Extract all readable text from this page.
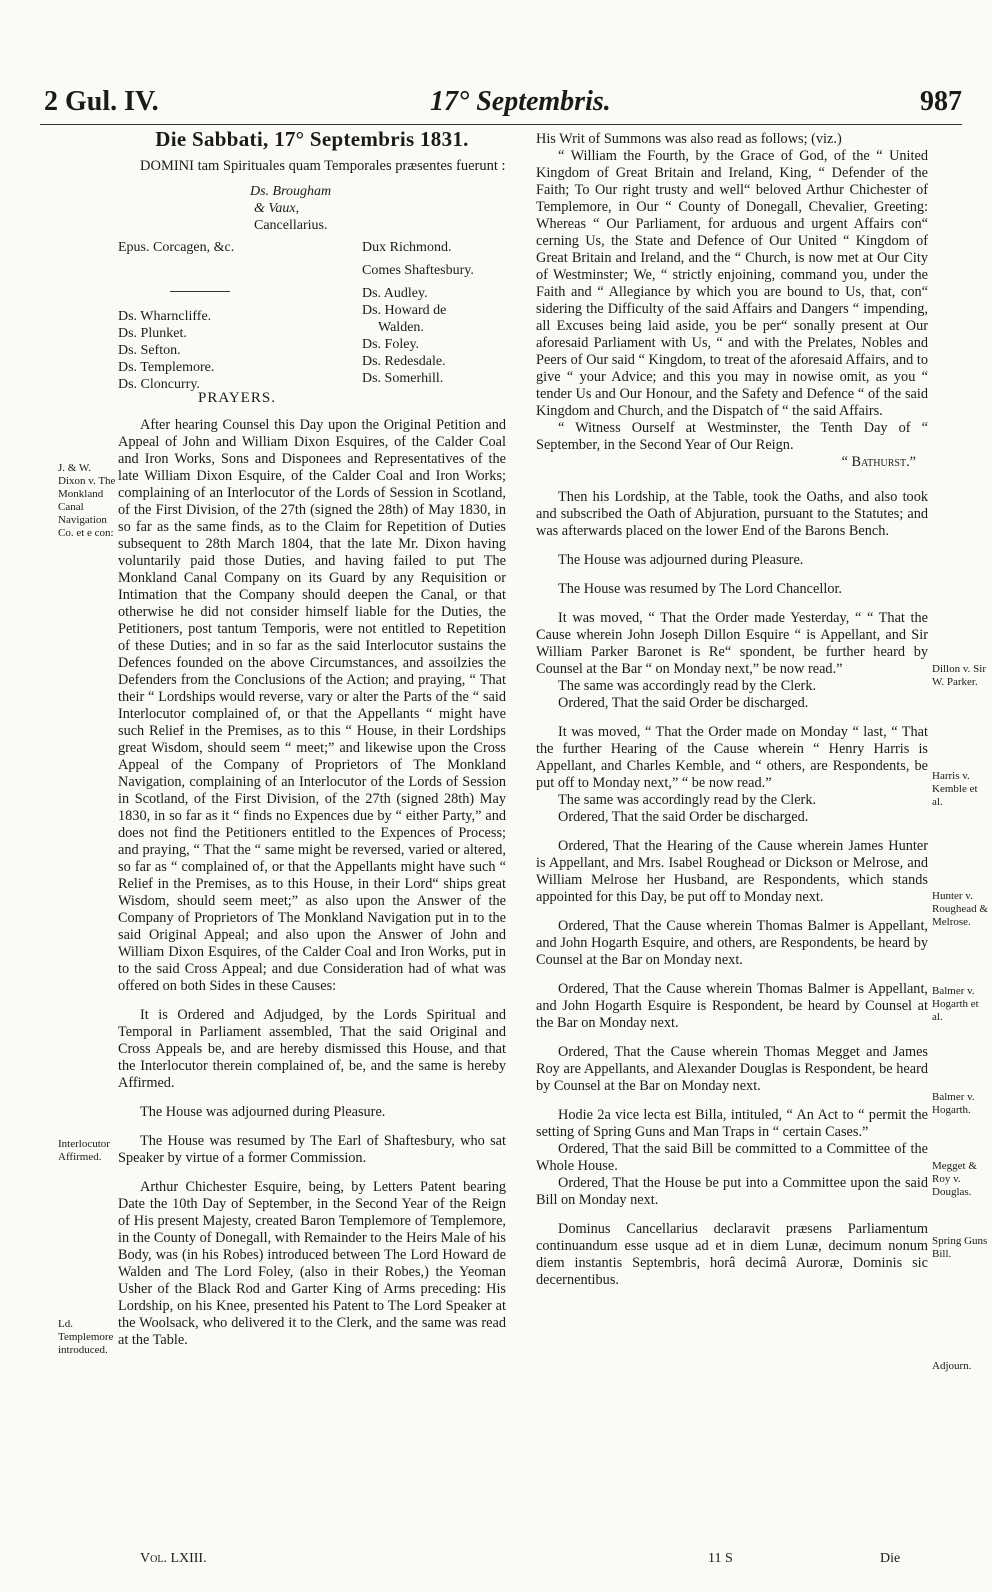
2 Gul. IV.	17° Septembris.	987
Die Sabbati, 17° Septembris 1831.

DOMINI tam Spirituales quam Temporales præsentes fuerunt :

Ds. Brougham
& Vaux,
Cancellarius.
Epus. Corcagen, &c.	Dux Richmond.
Comes Shaftesbury.
Ds. Audley.
Ds. Howard de
Walden.
Ds. Foley.
Ds. Redesdale.
Ds. Somerhill.
Ds. Wharncliffe.
Ds. Plunket.
Ds. Sefton.
Ds. Templemore.
Ds. Cloncurry.
PRAYERS.

After hearing Counsel this Day upon the Original Petition and Appeal of John and William Dixon Esquires, of the Calder Coal and Iron Works, Sons and Disponees and Representatives of the late William Dixon Esquire, of the Calder Coal and Iron Works; complaining of an Interlocutor of the Lords of Session in Scotland, of the First Division, of the 27th (signed the 28th) of May 1830, in so far as the same finds, as to the Claim for Repetition of Duties subsequent to 28th March 1804, that the late Mr. Dixon having voluntarily paid those Duties, and having failed to put The Monkland Canal Company on its Guard by any Requisition or Intimation that the Company should deepen the Canal, or that otherwise he did not consider himself liable for the Duties, the Petitioners, post tantum Temporis, were not entitled to Repetition of these Duties; and in so far as the said Interlocutor sustains the Defences founded on the above Circumstances, and assoilzies the Defenders from the Conclusions of the Action; and praying, “ That their “ Lordships would reverse, vary or alter the Parts of the “ said Interlocutor complained of, or that the Appellants “ might have such Relief in the Premises, as to this “ House, in their Lordships great Wisdom, should seem “ meet;” and likewise upon the Cross Appeal of the Company of Proprietors of The Monkland Navigation, complaining of an Interlocutor of the Lords of Session in Scotland, of the First Division, of the 27th (signed 28th) May 1830, in so far as it “ finds no Expences due by “ either Party,” and does not find the Petitioners entitled to the Expences of Process; and praying, “ That the “ same might be reversed, varied or altered, so far as “ complained of, or that the Appellants might have such “ Relief in the Premises, as to this House, in their Lord“ ships great Wisdom, should seem meet;” as also upon the Answer of the Company of Proprietors of The Monkland Navigation put in to the said Original Appeal; and also upon the Answer of John and William Dixon Esquires, of the Calder Coal and Iron Works, put in to the said Cross Appeal; and due Consideration had of what was offered on both Sides in these Causes:

It is Ordered and Adjudged, by the Lords Spiritual and Temporal in Parliament assembled, That the said Original and Cross Appeals be, and are hereby dismissed this House, and that the Interlocutor therein complained of, be, and the same is hereby Affirmed.

The House was adjourned during Pleasure.

The House was resumed by The Earl of Shaftesbury, who sat Speaker by virtue of a former Commission.

Arthur Chichester Esquire, being, by Letters Patent bearing Date the 10th Day of September, in the Second Year of the Reign of His present Majesty, created Baron Templemore of Templemore, in the County of Donegall, with Remainder to the Heirs Male of his Body, was (in his Robes) introduced between The Lord Howard de Walden and The Lord Foley, (also in their Robes,) the Yeoman Usher of the Black Rod and Garter King of Arms preceding: His Lordship, on his Knee, presented his Patent to The Lord Speaker at the Woolsack, who delivered it to the Clerk, and the same was read at the Table.

J. & W. Dixon v. The Monkland Canal Navigation Co. et e con:
Interlocutor Affirmed.
Ld. Templemore introduced.

His Writ of Summons was also read as follows; (viz.)

“ William the Fourth, by the Grace of God, of the “ United Kingdom of Great Britain and Ireland, King, “ Defender of the Faith; To Our right trusty and well“ beloved Arthur Chichester of Templemore, in Our “ County of Donegall, Chevalier, Greeting: Whereas “ Our Parliament, for arduous and urgent Affairs con“ cerning Us, the State and Defence of Our United “ Kingdom of Great Britain and Ireland, and the “ Church, is now met at Our City of Westminster; We, “ strictly enjoining, command you, under the Faith and “ Allegiance by which you are bound to Us, that, con“ sidering the Difficulty of the said Affairs and Dangers “ impending, all Excuses being laid aside, you be per“ sonally present at Our aforesaid Parliament with Us, “ and with the Prelates, Nobles and Peers of Our said “ Kingdom, to treat of the aforesaid Affairs, and to give “ your Advice; and this you may in nowise omit, as you “ tender Us and Our Honour, and the Safety and Defence “ of the said Kingdom and Church, and the Dispatch of “ the said Affairs.

“ Witness Ourself at Westminster, the Tenth Day of “ September, in the Second Year of Our Reign.

“ Bathurst.”

Then his Lordship, at the Table, took the Oaths, and also took and subscribed the Oath of Abjuration, pursuant to the Statutes; and was afterwards placed on the lower End of the Barons Bench.

The House was adjourned during Pleasure.

The House was resumed by The Lord Chancellor.

It was moved, “ That the Order made Yesterday, “ “ That the Cause wherein John Joseph Dillon Esquire “ is Appellant, and Sir William Parker Baronet is Re“ spondent, be further heard by Counsel at the Bar “ on Monday next,” be now read.”

The same was accordingly read by the Clerk.

Ordered, That the said Order be discharged.

It was moved, “ That the Order made on Monday “ last, “ That the further Hearing of the Cause wherein “ Henry Harris is Appellant, and Charles Kemble, and “ others, are Respondents, be put off to Monday next,” “ be now read.”

The same was accordingly read by the Clerk.

Ordered, That the said Order be discharged.

Ordered, That the Hearing of the Cause wherein James Hunter is Appellant, and Mrs. Isabel Roughead or Dickson or Melrose, and William Melrose her Husband, are Respondents, which stands appointed for this Day, be put off to Monday next.

Ordered, That the Cause wherein Thomas Balmer is Appellant, and John Hogarth Esquire, and others, are Respondents, be heard by Counsel at the Bar on Monday next.

Ordered, That the Cause wherein Thomas Balmer is Appellant, and John Hogarth Esquire is Respondent, be heard by Counsel at the Bar on Monday next.

Ordered, That the Cause wherein Thomas Megget and James Roy are Appellants, and Alexander Douglas is Respondent, be heard by Counsel at the Bar on Monday next.

Hodie 2a vice lecta est Billa, intituled, “ An Act to “ permit the setting of Spring Guns and Man Traps in “ certain Cases.”

Ordered, That the said Bill be committed to a Committee of the Whole House.

Ordered, That the House be put into a Committee upon the said Bill on Monday next.

Dominus Cancellarius declaravit præsens Parliamentum continuandum esse usque ad et in diem Lunæ, decimum nonum diem instantis Septembris, horâ decimâ Auroræ, Dominis sic decernentibus.

Dillon v. Sir W. Parker.
Harris v. Kemble et al.
Hunter v. Roughead & Melrose.
Balmer v. Hogarth et al.
Balmer v. Hogarth.
Megget & Roy v. Douglas.
Spring Guns Bill.
Adjourn.
Vol. LXIII.	11 S	Die
